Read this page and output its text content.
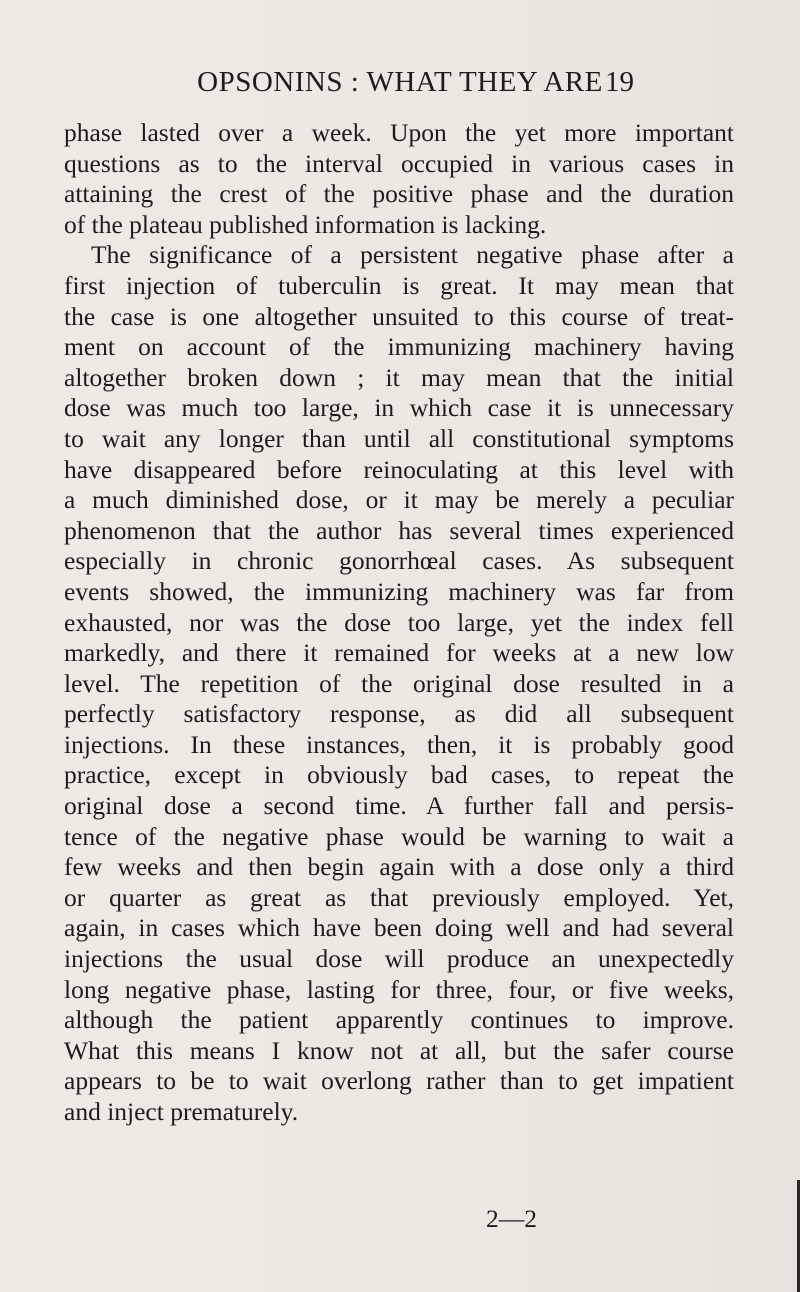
OPSONINS : WHAT THEY ARE 19
phase lasted over a week. Upon the yet more important
questions as to the interval occupied in various cases in
attaining the crest of the positive phase and the duration
of the plateau published information is lacking.
The significance of a persistent negative phase after a
first injection of tuberculin is great. It may mean that
the case is one altogether unsuited to this course of treat-
ment on account of the immunizing machinery having
altogether broken down ; it may mean that the initial
dose was much too large, in which case it is unnecessary
to wait any longer than until all constitutional symptoms
have disappeared before reinoculating at this level with
a much diminished dose, or it may be merely a peculiar
phenomenon that the author has several times experienced
especially in chronic gonorrhœal cases. As subsequent
events showed, the immunizing machinery was far from
exhausted, nor was the dose too large, yet the index fell
markedly, and there it remained for weeks at a new low
level. The repetition of the original dose resulted in a
perfectly satisfactory response, as did all subsequent
injections. In these instances, then, it is probably good
practice, except in obviously bad cases, to repeat the
original dose a second time. A further fall and persis-
tence of the negative phase would be warning to wait a
few weeks and then begin again with a dose only a third
or quarter as great as that previously employed. Yet,
again, in cases which have been doing well and had several
injections the usual dose will produce an unexpectedly
long negative phase, lasting for three, four, or five weeks,
although the patient apparently continues to improve.
What this means I know not at all, but the safer course
appears to be to wait overlong rather than to get impatient
and inject prematurely.
2—2
